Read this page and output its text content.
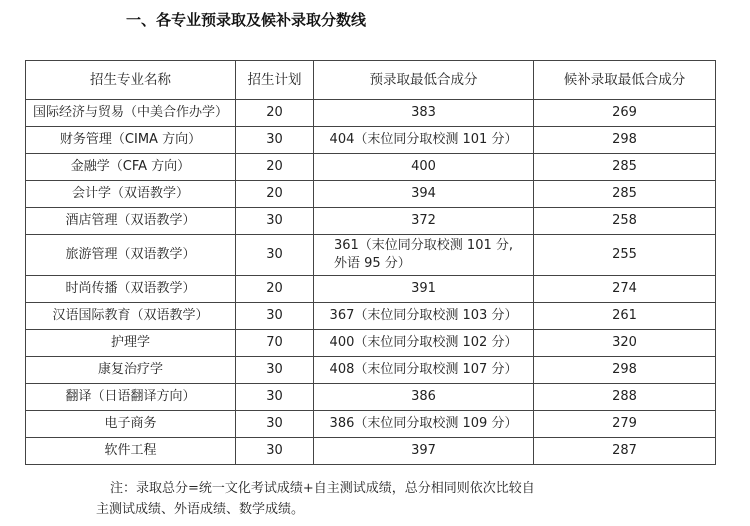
一、各专业预录取及候补录取分数线
招生专业名称	招生计划	预录取最低合成分	候补录取最低合成分
国际经济与贸易（中美合作办学）	20	383	269
财务管理（CIMA 方向）	30	404（末位同分取校测 101 分）	298
金融学（CFA 方向）	20	400	285
会计学（双语教学）	20	394	285
酒店管理（双语教学）	30	372	258
旅游管理（双语教学）	30	361（末位同分取校测 101 分,
外语 95 分）	255
时尚传播（双语教学）	20	391	274
汉语国际教育（双语教学）	30	367（末位同分取校测 103 分）	261
护理学	70	400（末位同分取校测 102 分）	320
康复治疗学	30	408（末位同分取校测 107 分）	298
翻译（日语翻译方向）	30	386	288
电子商务	30	386（末位同分取校测 109 分）	279
软件工程	30	397	287
注：录取总分=统一文化考试成绩+自主测试成绩，总分相同则依次比较自
主测试成绩、外语成绩、数学成绩。
